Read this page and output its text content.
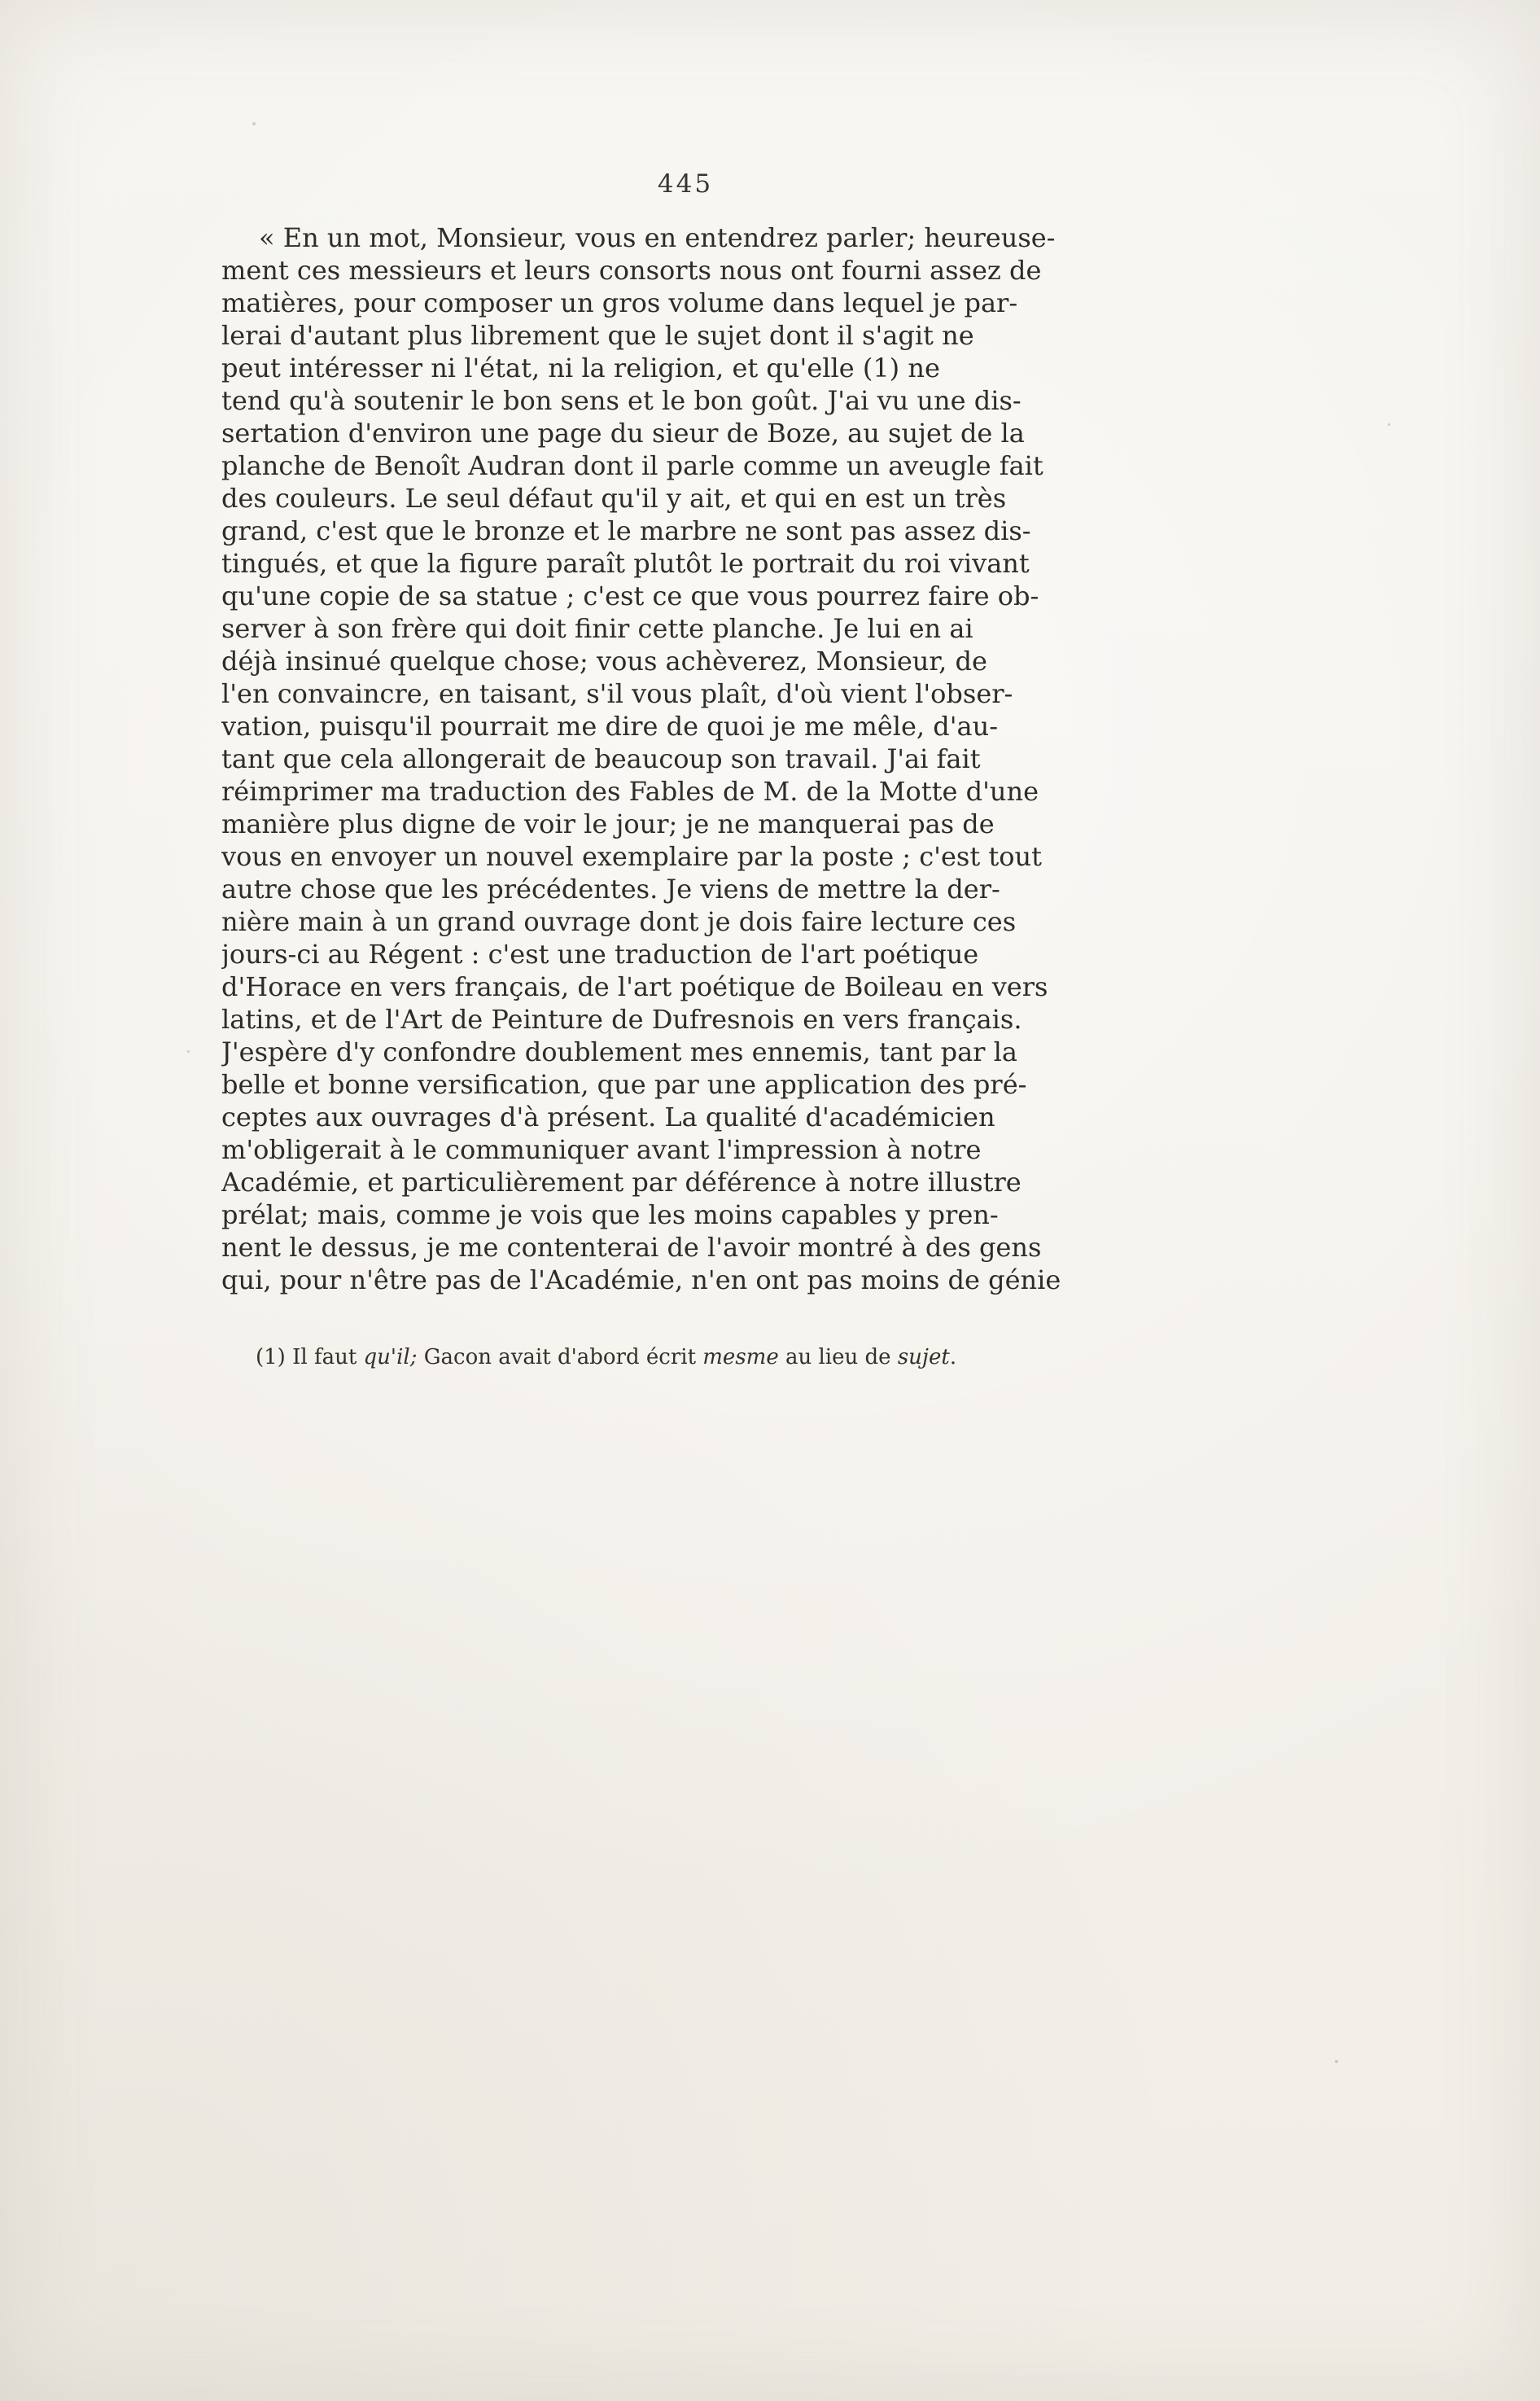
445
« En un mot, Monsieur, vous en entendrez parler; heureuse-
ment ces messieurs et leurs consorts nous ont fourni assez de
matières, pour composer un gros volume dans lequel je par-
lerai d'autant plus librement que le sujet dont il s'agit ne
peut intéresser ni l'état, ni la religion, et qu'elle (1) ne
tend qu'à soutenir le bon sens et le bon goût. J'ai vu une dis-
sertation d'environ une page du sieur de Boze, au sujet de la
planche de Benoît Audran dont il parle comme un aveugle fait
des couleurs. Le seul défaut qu'il y ait, et qui en est un très
grand, c'est que le bronze et le marbre ne sont pas assez dis-
tingués, et que la figure paraît plutôt le portrait du roi vivant
qu'une copie de sa statue ; c'est ce que vous pourrez faire ob-
server à son frère qui doit finir cette planche. Je lui en ai
déjà insinué quelque chose; vous achèverez, Monsieur, de
l'en convaincre, en taisant, s'il vous plaît, d'où vient l'obser-
vation, puisqu'il pourrait me dire de quoi je me mêle, d'au-
tant que cela allongerait de beaucoup son travail. J'ai fait
réimprimer ma traduction des Fables de M. de la Motte d'une
manière plus digne de voir le jour; je ne manquerai pas de
vous en envoyer un nouvel exemplaire par la poste ; c'est tout
autre chose que les précédentes. Je viens de mettre la der-
nière main à un grand ouvrage dont je dois faire lecture ces
jours-ci au Régent : c'est une traduction de l'art poétique
d'Horace en vers français, de l'art poétique de Boileau en vers
latins, et de l'Art de Peinture de Dufresnois en vers français.
J'espère d'y confondre doublement mes ennemis, tant par la
belle et bonne versification, que par une application des pré-
ceptes aux ouvrages d'à présent. La qualité d'académicien
m'obligerait à le communiquer avant l'impression à notre
Académie, et particulièrement par déférence à notre illustre
prélat; mais, comme je vois que les moins capables y pren-
nent le dessus, je me contenterai de l'avoir montré à des gens
qui, pour n'être pas de l'Académie, n'en ont pas moins de génie
(1) Il faut qu'il; Gacon avait d'abord écrit mesme au lieu de sujet.
